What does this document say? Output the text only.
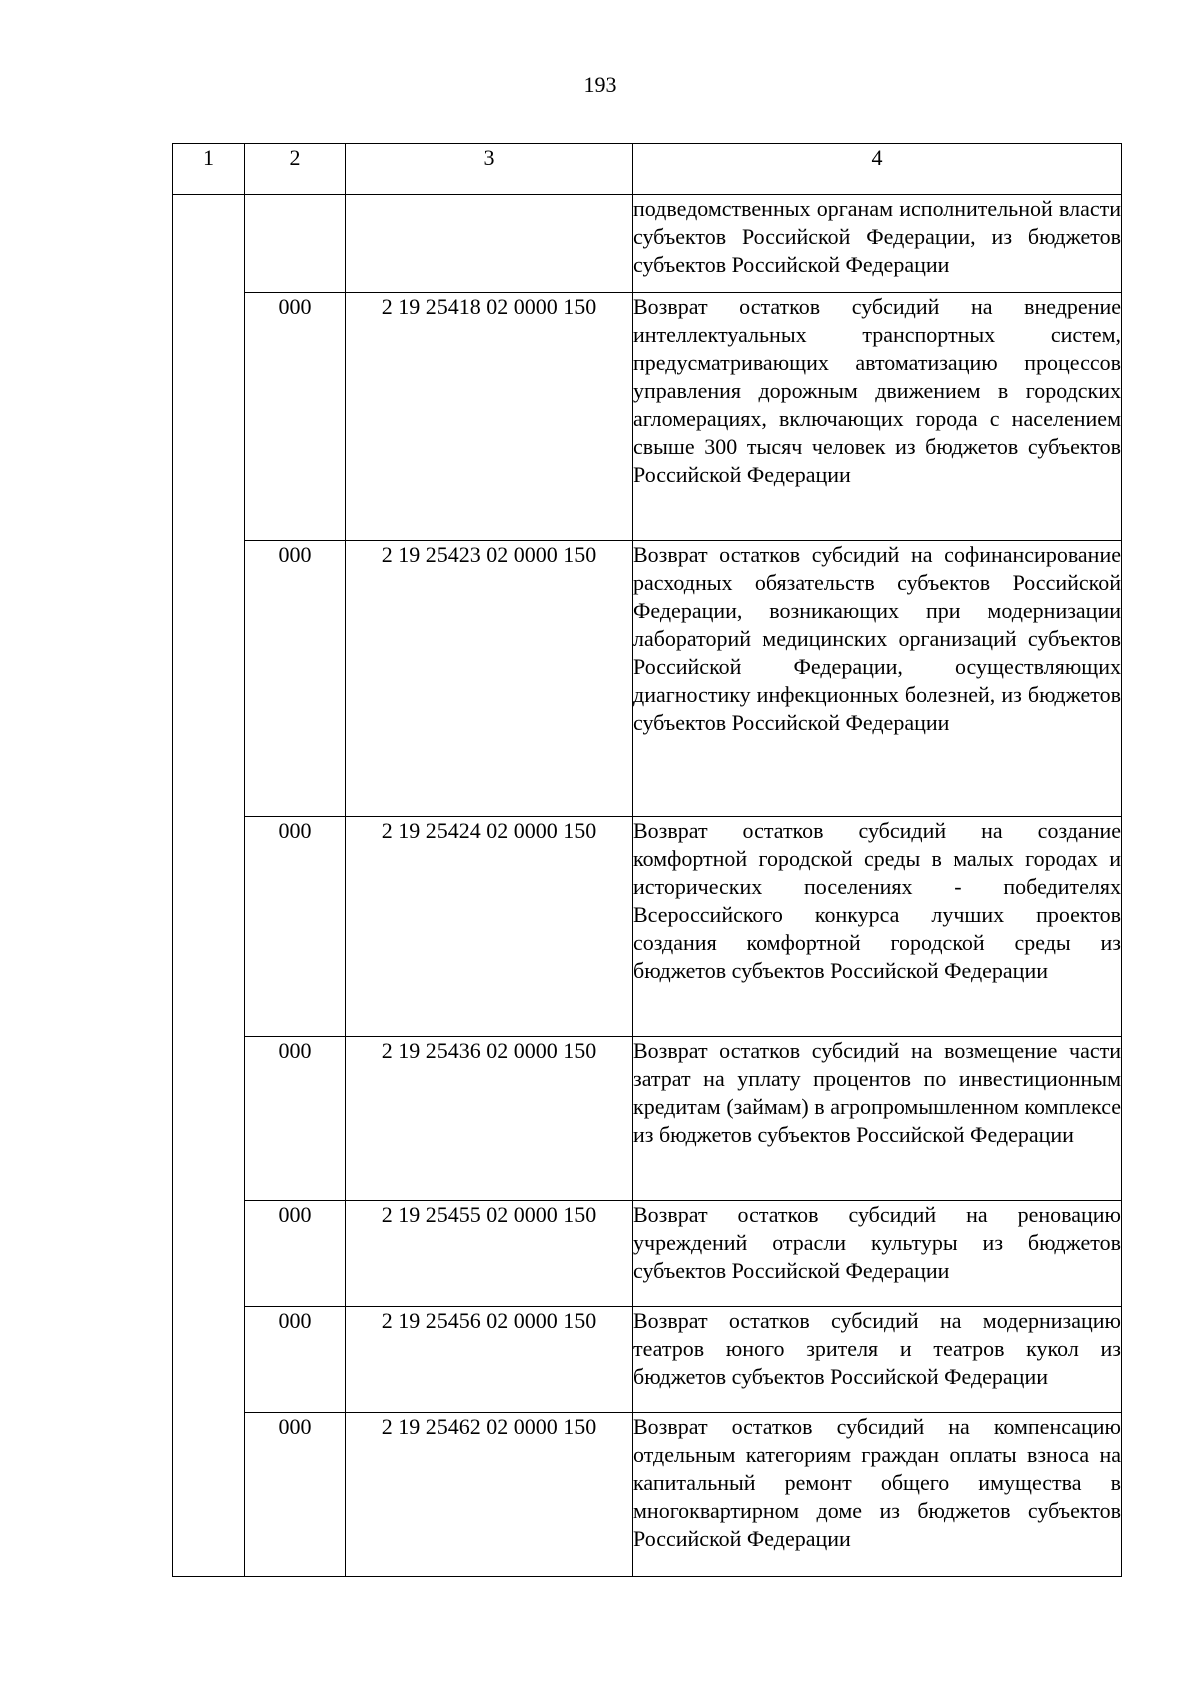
193
1	2	3	4
			подведомственных органам исполнительной власти субъектов Российской Федерации, из бюджетов субъектов Российской Федерации
	000	2 19 25418 02 0000 150	Возврат остатков субсидий на внедрение интеллектуальных транспортных систем, предусматривающих автоматизацию процессов управления дорожным движением в городских агломерациях, включающих города с населением свыше 300 тысяч человек из бюджетов субъектов Российской Федерации
	000	2 19 25423 02 0000 150	Возврат остатков субсидий на софинансирование расходных обязательств субъектов Российской Федерации, возникающих при модернизации лабораторий медицинских организаций субъектов Российской Федерации, осуществляющих диагностику инфекционных болезней, из бюджетов субъектов Российской Федерации
	000	2 19 25424 02 0000 150	Возврат остатков субсидий на создание комфортной городской среды в малых городах и исторических поселениях - победителях Всероссийского конкурса лучших проектов создания комфортной городской среды из бюджетов субъектов Российской Федерации
	000	2 19 25436 02 0000 150	Возврат остатков субсидий на возмещение части затрат на уплату процентов по инвестиционным кредитам (займам) в агропромышленном комплексе из бюджетов субъектов Российской Федерации
	000	2 19 25455 02 0000 150	Возврат остатков субсидий на реновацию учреждений отрасли культуры из бюджетов субъектов Российской Федерации
	000	2 19 25456 02 0000 150	Возврат остатков субсидий на модернизацию театров юного зрителя и театров кукол из бюджетов субъектов Российской Федерации
	000	2 19 25462 02 0000 150	Возврат остатков субсидий на компенсацию отдельным категориям граждан оплаты взноса на капитальный ремонт общего имущества в многоквартирном доме из бюджетов субъектов Российской Федерации
